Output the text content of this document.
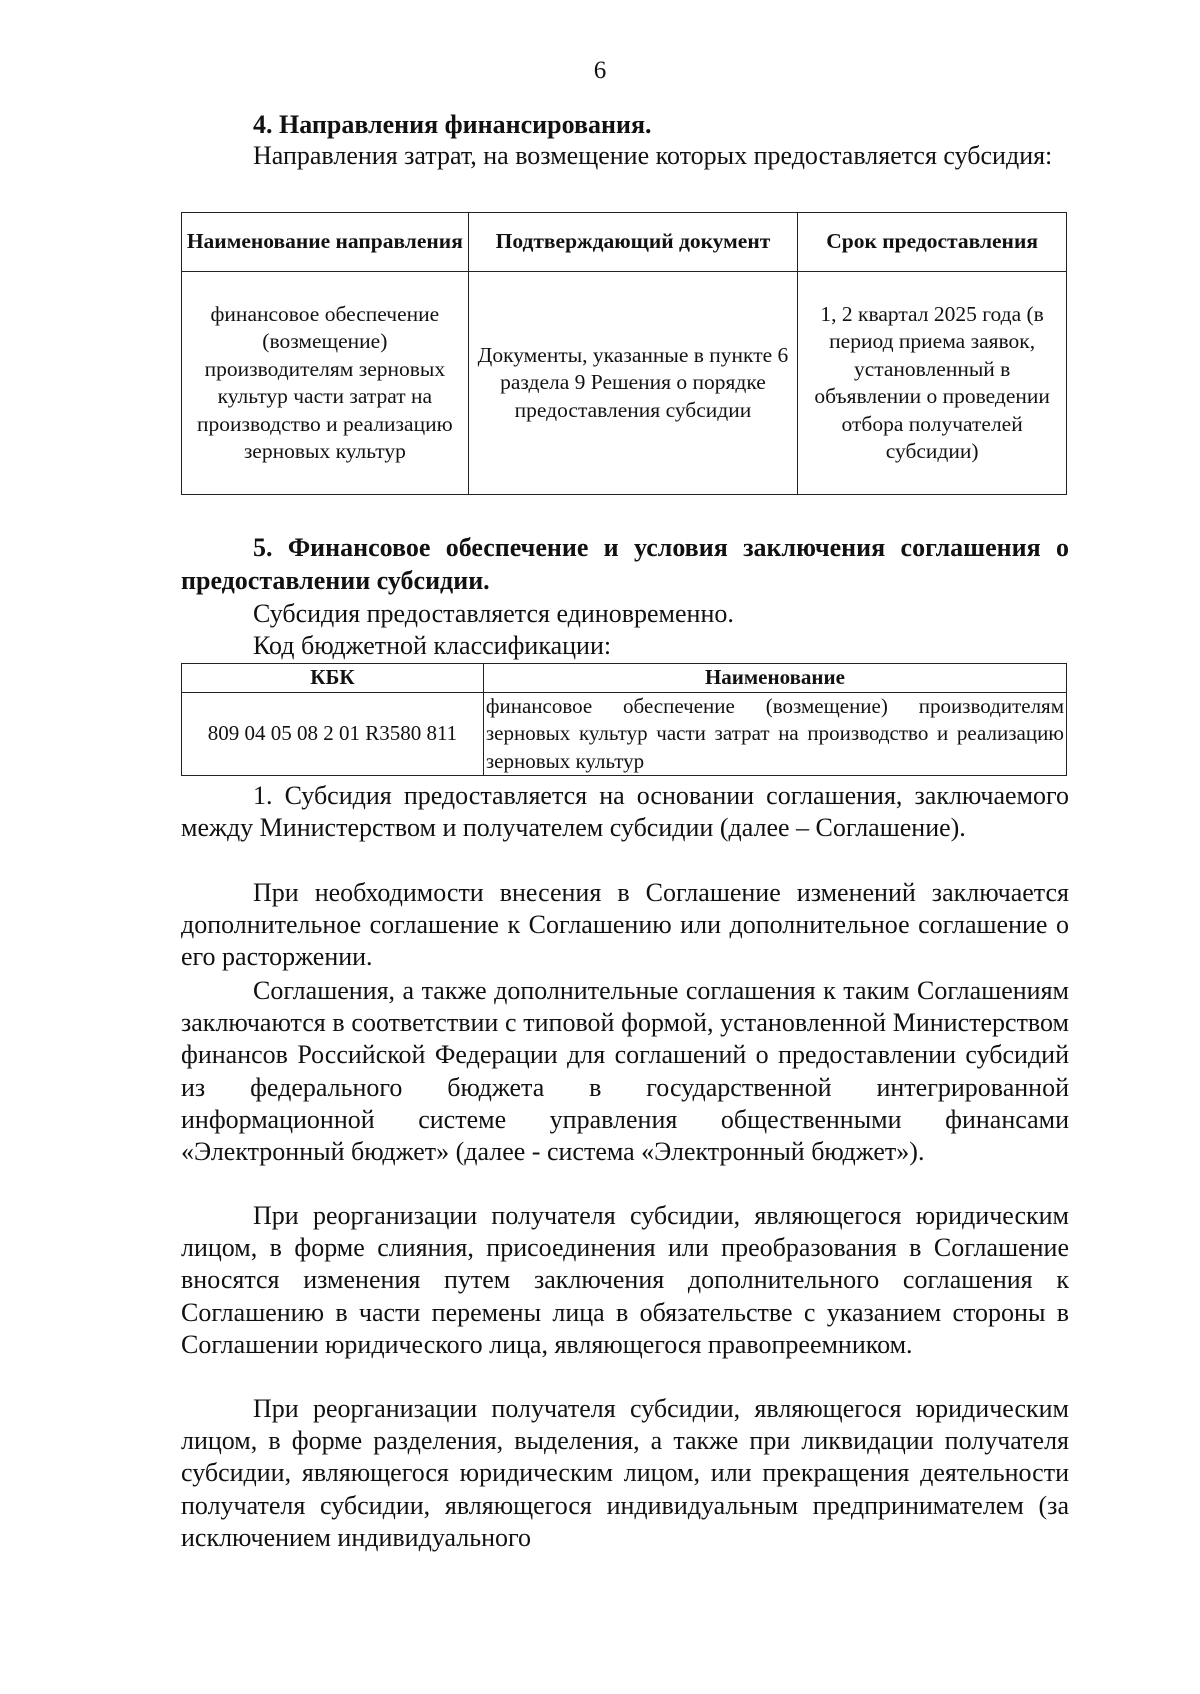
6

4. Направления финансирования.

Направления затрат, на возмещение которых предоставляется субсидия:

Наименование направления	Подтверждающий документ	Срок предоставления
финансовое обеспечение (возмещение) производителям зерновых культур части затрат на производство и реализацию зерновых культур	Документы, указанные в пункте 6 раздела 9 Решения о порядке предоставления субсидии	1, 2 квартал 2025 года (в период приема заявок, установленный в объявлении о проведении отбора получателей субсидии)

5. Финансовое обеспечение и условия заключения соглашения о предоставлении субсидии.

Субсидия предоставляется единовременно.

Код бюджетной классификации:

КБК	Наименование
809 04 05 08 2 01 R3580 811	финансовое обеспечение (возмещение) производителям зерновых культур части затрат на производство и реализацию зерновых культур

1. Субсидия предоставляется на основании соглашения, заключаемого между Министерством и получателем субсидии (далее – Соглашение).

При необходимости внесения в Соглашение изменений заключается дополнительное соглашение к Соглашению или дополнительное соглашение о его расторжении.

Соглашения, а также дополнительные соглашения к таким Соглашениям заключаются в соответствии с типовой формой, установленной Министерством финансов Российской Федерации для соглашений о предоставлении субсидий из федерального бюджета в государственной интегрированной информационной системе управления общественными финансами «Электронный бюджет» (далее - система «Электронный бюджет»).

При реорганизации получателя субсидии, являющегося юридическим лицом, в форме слияния, присоединения или преобразования в Соглашение вносятся изменения путем заключения дополнительного соглашения к Соглашению в части перемены лица в обязательстве с указанием стороны в Соглашении юридического лица, являющегося правопреемником.

При реорганизации получателя субсидии, являющегося юридическим лицом, в форме разделения, выделения, а также при ликвидации получателя субсидии, являющегося юридическим лицом, или прекращения деятельности получателя субсидии, являющегося индивидуальным предпринимателем (за исключением индивидуального
